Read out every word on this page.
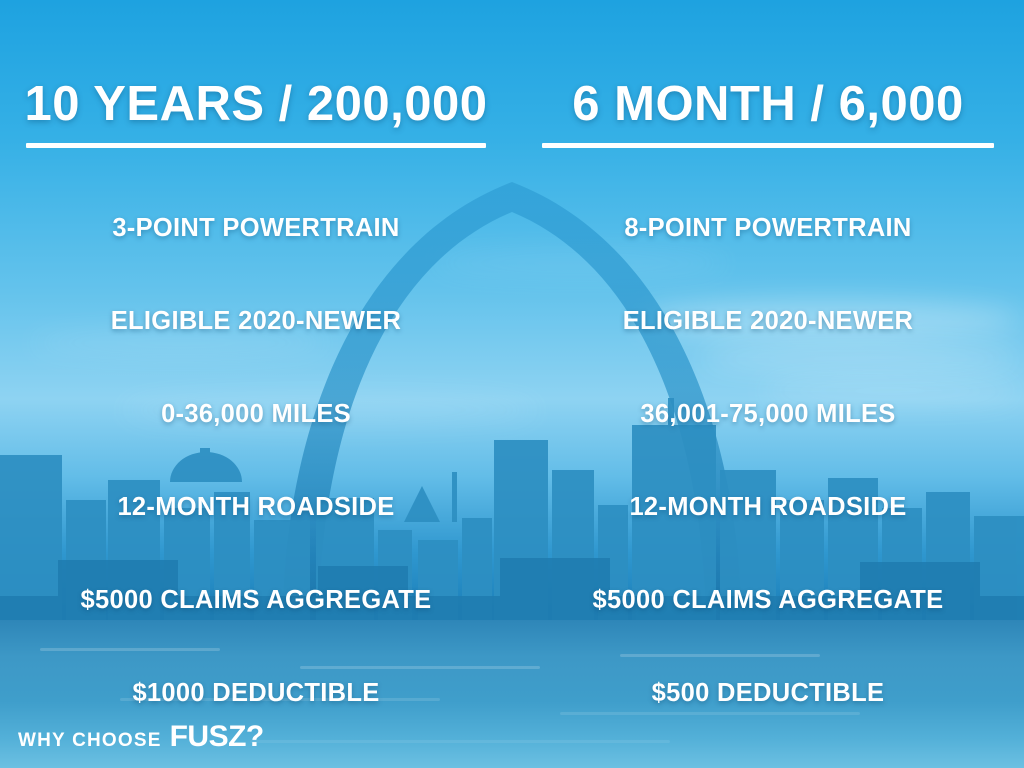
10 YEARS / 200,000
3-POINT POWERTRAIN
ELIGIBLE 2020-NEWER
0-36,000 MILES
12-MONTH ROADSIDE
$5000 CLAIMS AGGREGATE
$1000 DEDUCTIBLE
6 MONTH / 6,000
8-POINT POWERTRAIN
ELIGIBLE 2020-NEWER
36,001-75,000 MILES
12-MONTH ROADSIDE
$5000 CLAIMS AGGREGATE
$500 DEDUCTIBLE
WHY CHOOSE FUSZ?
